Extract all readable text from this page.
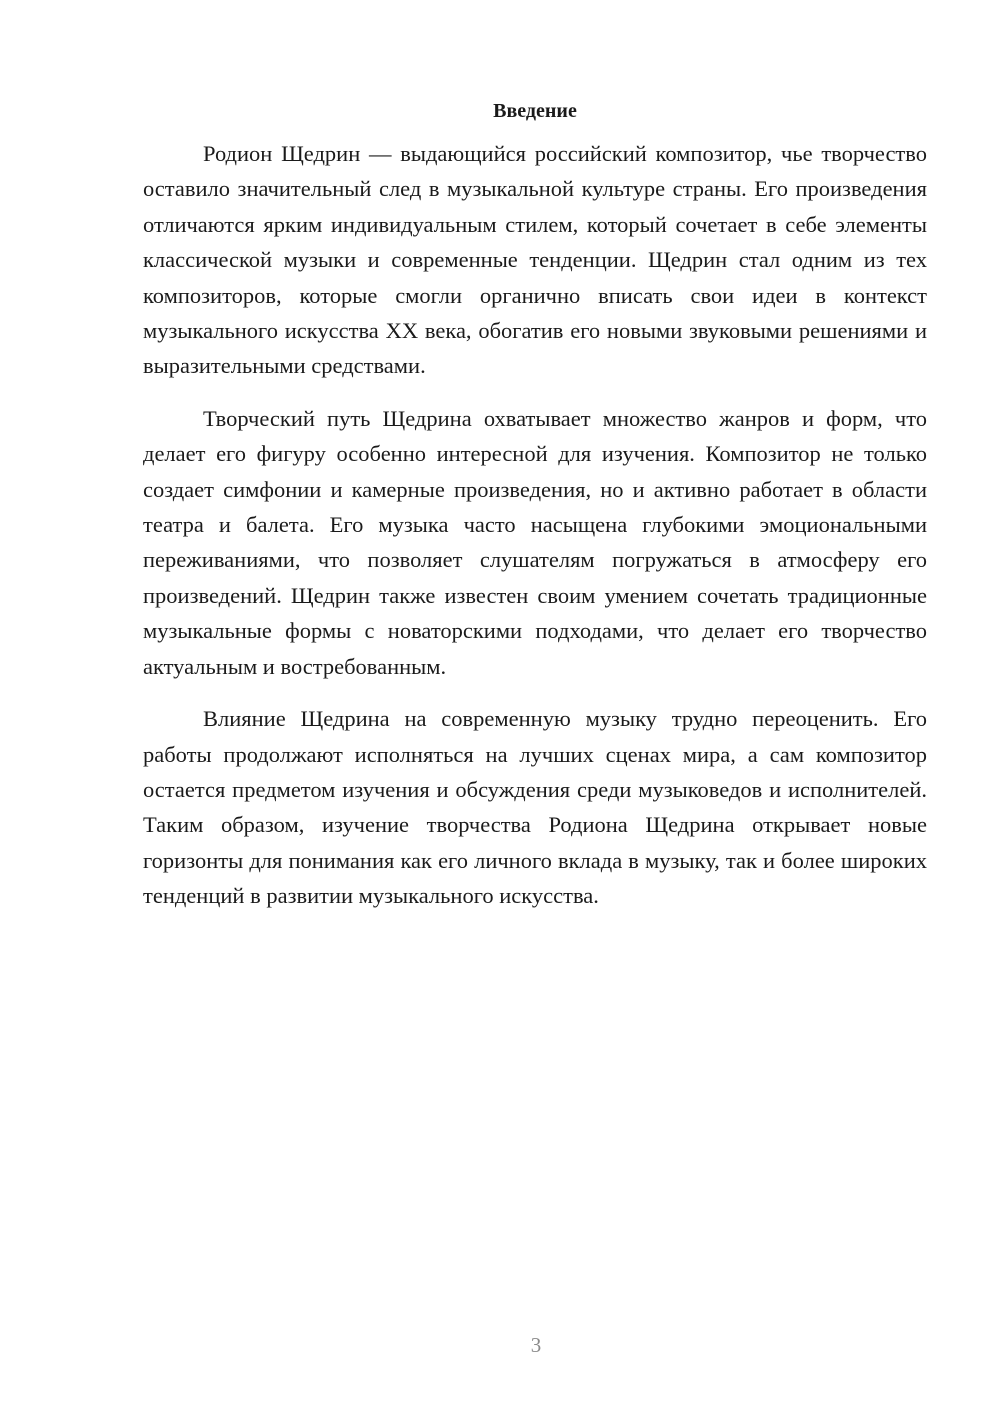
Введение

Родион Щедрин — выдающийся российский композитор, чье творчество оставило значительный след в музыкальной культуре страны. Его произведения отличаются ярким индивидуальным стилем, который сочетает в себе элементы классической музыки и современные тенденции. Щедрин стал одним из тех композиторов, которые смогли органично вписать свои идеи в контекст музыкального искусства XX века, обогатив его новыми звуковыми решениями и выразительными средствами.

Творческий путь Щедрина охватывает множество жанров и форм, что делает его фигуру особенно интересной для изучения. Композитор не только создает симфонии и камерные произведения, но и активно работает в области театра и балета. Его музыка часто насыщена глубокими эмоциональными переживаниями, что позволяет слушателям погружаться в атмосферу его произведений. Щедрин также известен своим умением сочетать традиционные музыкальные формы с новаторскими подходами, что делает его творчество актуальным и востребованным.

Влияние Щедрина на современную музыку трудно переоценить. Его работы продолжают исполняться на лучших сценах мира, а сам композитор остается предметом изучения и обсуждения среди музыковедов и исполнителей. Таким образом, изучение творчества Родиона Щедрина открывает новые горизонты для понимания как его личного вклада в музыку, так и более широких тенденций в развитии музыкального искусства.

3
